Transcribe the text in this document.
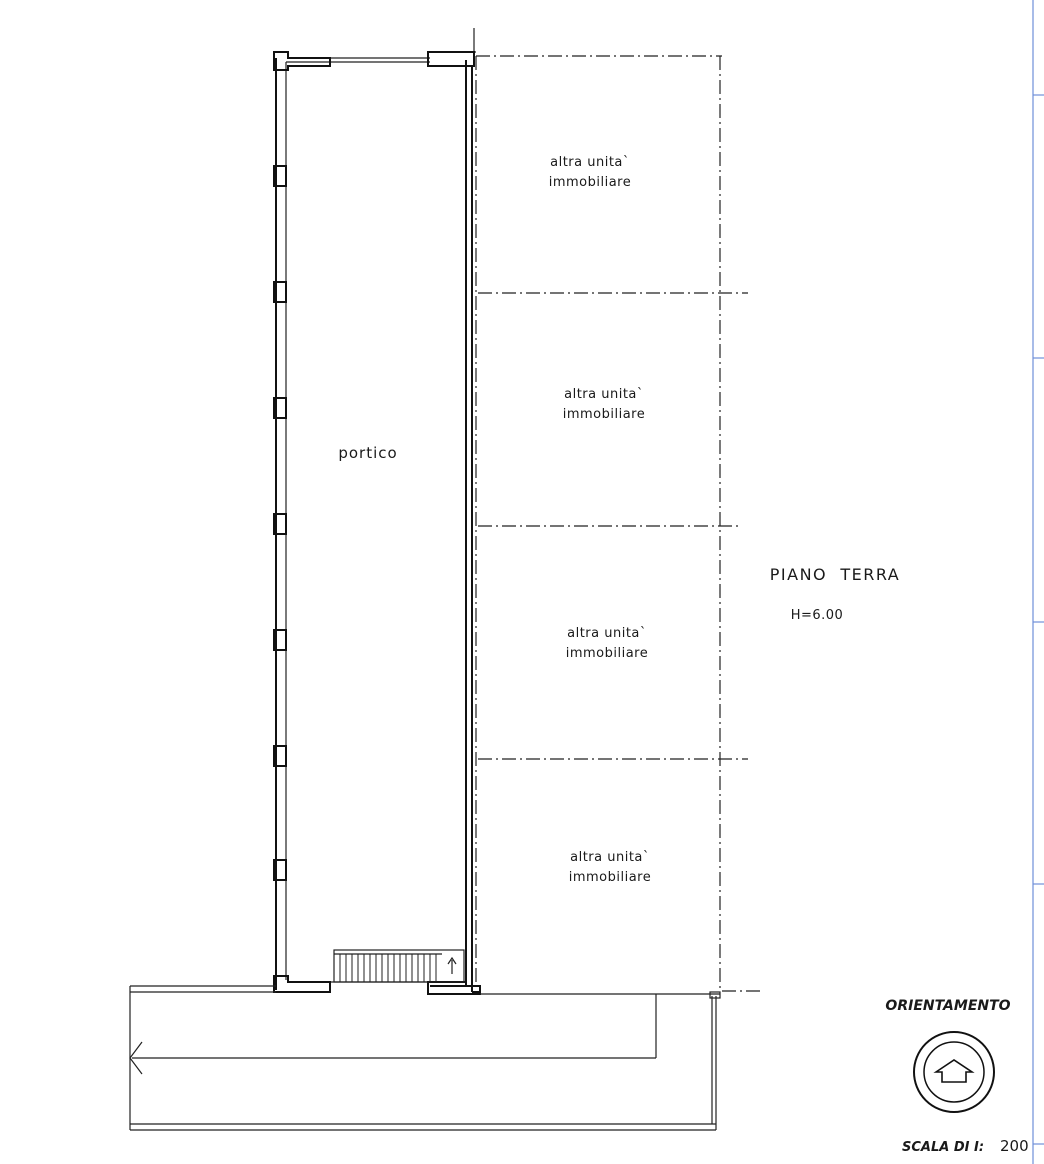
altra unita`
immobiliare
altra unita`
immobiliare
altra unita`
immobiliare
altra unita`
immobiliare
portico
PIANO  TERRA
H=6.00
ORIENTAMENTO
SCALA DI I: 200
